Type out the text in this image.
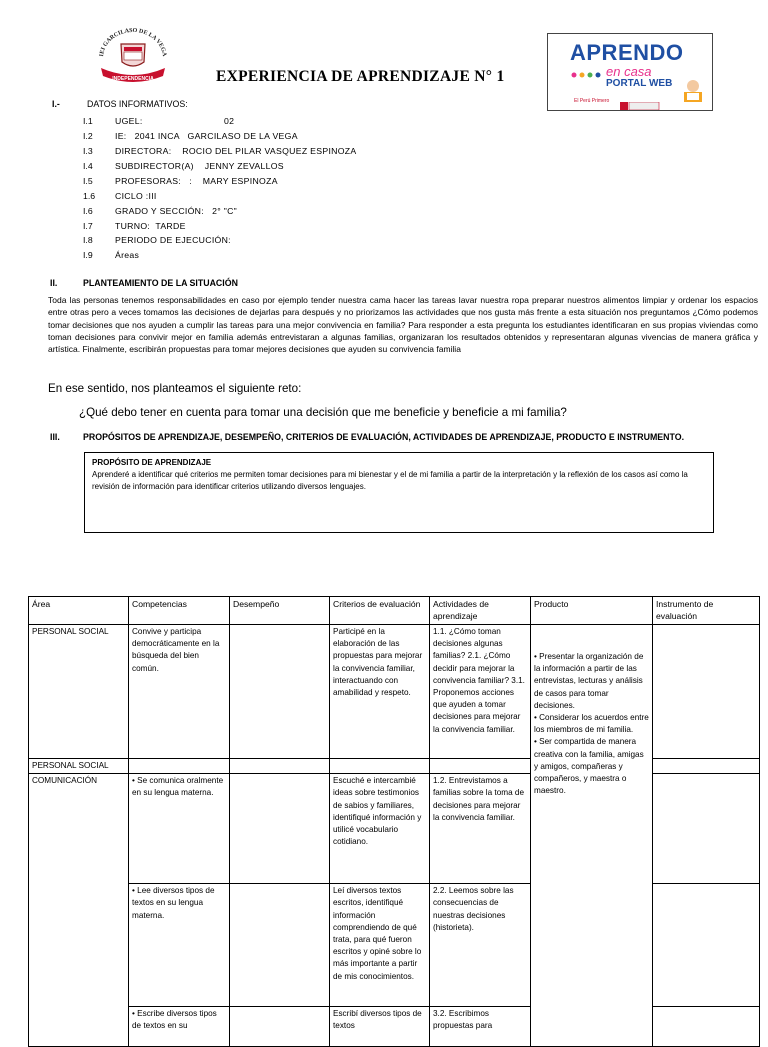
IEI GARCILASO DE LA VEGA
INDEPENDENCIA	EXPERIENCIA DE APRENDIZAJE N° 1
APRENDO
en casa
PORTAL WEB
El Perú Primero
I.-	DATOS INFORMATIVOS:
I.1	UGEL:                              02
I.2	IE:   2041 INCA   GARCILASO DE LA VEGA
I.3	DIRECTORA:    ROCIO DEL PILAR VASQUEZ ESPINOZA
I.4	SUBDIRECTOR(A)    JENNY ZEVALLOS
I.5	PROFESORAS:   :    MARY ESPINOZA
1.6 CICLO :III
I.6	GRADO Y SECCIÓN:   2° "C"
I.7	TURNO:  TARDE
I.8	PERIODO DE EJECUCIÓN:
I.9	Áreas
II.	PLANTEAMIENTO DE LA SITUACIÓN
Toda las personas tenemos responsabilidades en caso por ejemplo tender nuestra cama hacer las tareas lavar nuestra ropa preparar nuestros alimentos limpiar y ordenar los espacios entre otras pero a veces tomamos las decisiones de dejarlas para después y no priorizamos las actividades que nos gusta más frente a esta situación nos preguntamos ¿Cómo podemos tomar decisiones que nos ayuden a cumplir las tareas para una mejor convivencia en familia? Para responder a esta pregunta los estudiantes identificaran en sus propias viviendas como toman decisiones para convivir mejor en familia además entrevistaran a algunas familias, organizaran los resultados obtenidos y representaran algunas vivencias de manera gráfica y artística. Finalmente, escribirán propuestas para tomar mejores decisiones que ayuden su convivencia familia
En ese sentido, nos planteamos el siguiente reto:
¿Qué debo tener en cuenta para tomar una decisión que me beneficie y beneficie a mi familia?
III.	PROPÓSITOS DE APRENDIZAJE, DESEMPEÑO, CRITERIOS DE EVALUACIÓN, ACTIVIDADES DE APRENDIZAJE, PRODUCTO E INSTRUMENTO.
PROPÓSITO DE APRENDIZAJE
Aprenderé a identificar qué criterios me permiten tomar decisiones para mi bienestar y el de mi familia a partir de la interpretación y la reflexión de los casos así como la revisión de información para identificar criterios utilizando diversos lenguajes.
Área	Competencias	Desempeño	Criterios de evaluación	Actividades de aprendizaje	Producto	Instrumento de evaluación
PERSONAL SOCIAL	Convive y participa democráticamente en la búsqueda del bien común.		Participé en la elaboración de las propuestas para mejorar la convivencia familiar, interactuando con amabilidad y respeto.	1.1. ¿Cómo toman decisiones algunas familias? 2.1. ¿Cómo decidir para mejorar la convivencia familiar? 3.1. Proponemos acciones que ayuden a tomar decisiones para mejorar la convivencia familiar.	• Presentar la organización de la información a partir de las entrevistas, lecturas y análisis de casos para tomar decisiones.
• Considerar los acuerdos entre los miembros de mi familia.
• Ser compartida de manera creativa con la familia, amigas y amigos, compañeras y compañeros, y maestra o maestro.	

PERSONAL SOCIAL						
COMUNICACIÓN	• Se comunica oralmente en su lengua materna.		Escuché e intercambié ideas sobre testimonios de sabios y familiares, identifiqué información y utilicé vocabulario cotidiano.	1.2. Entrevistamos a familias sobre la toma de decisiones para mejorar la convivencia familiar.		
	• Lee diversos tipos de textos en su lengua materna.		Leí diversos textos escritos, identifiqué información comprendiendo de qué trata, para qué fueron escritos y opiné sobre lo más importante a partir de mis conocimientos.	2.2. Leemos sobre las consecuencias de nuestras decisiones (historieta).		
	• Escribe diversos tipos de textos en su		Escribí diversos tipos de textos	3.2. Escribimos propuestas para		
